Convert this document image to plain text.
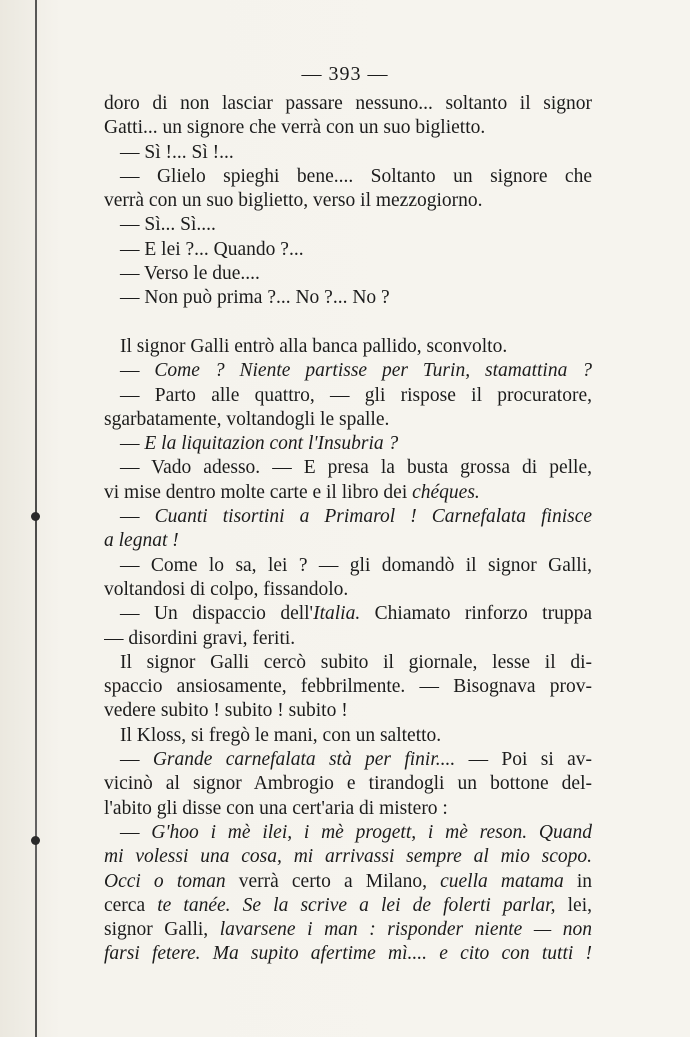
— 393 —
doro di non lasciar passare nessuno... soltanto il signor
Gatti... un signore che verrà con un suo biglietto.
— Sì !... Sì !...
— Glielo spieghi bene.... Soltanto un signore che
verrà con un suo biglietto, verso il mezzogiorno.
— Sì... Sì....
— E lei ?... Quando ?...
— Verso le due....
— Non può prima ?... No ?... No ?
Il signor Galli entrò alla banca pallido, sconvolto.
— Come ? Niente partisse per Turin, stamattina ?
— Parto alle quattro, — gli rispose il procuratore,
sgarbatamente, voltandogli le spalle.
— E la liquitazion cont l'Insubria ?
— Vado adesso. — E presa la busta grossa di pelle,
vi mise dentro molte carte e il libro dei chéques.
— Cuanti tisortini a Primarol ! Carnefalata finisce
a legnat !
— Come lo sa, lei ? — gli domandò il signor Galli,
voltandosi di colpo, fissandolo.
— Un dispaccio dell'Italia. Chiamato rinforzo truppa
— disordini gravi, feriti.
Il signor Galli cercò subito il giornale, lesse il di-
spaccio ansiosamente, febbrilmente. — Bisognava prov-
vedere subito ! subito ! subito !
Il Kloss, si fregò le mani, con un saltetto.
— Grande carnefalata stà per finir.... — Poi si av-
vicinò al signor Ambrogio e tirandogli un bottone del-
l'abito gli disse con una cert'aria di mistero :
— G'hoo i mè ilei, i mè progett, i mè reson. Quand
mi volessi una cosa, mi arrivassi sempre al mio scopo.
Occi o toman verrà certo a Milano, cuella matama in
cerca te tanée. Se la scrive a lei de folerti parlar, lei,
signor Galli, lavarsene i man : risponder niente — non
farsi fetere. Ma supito afertime mì.... e cito con tutti !
